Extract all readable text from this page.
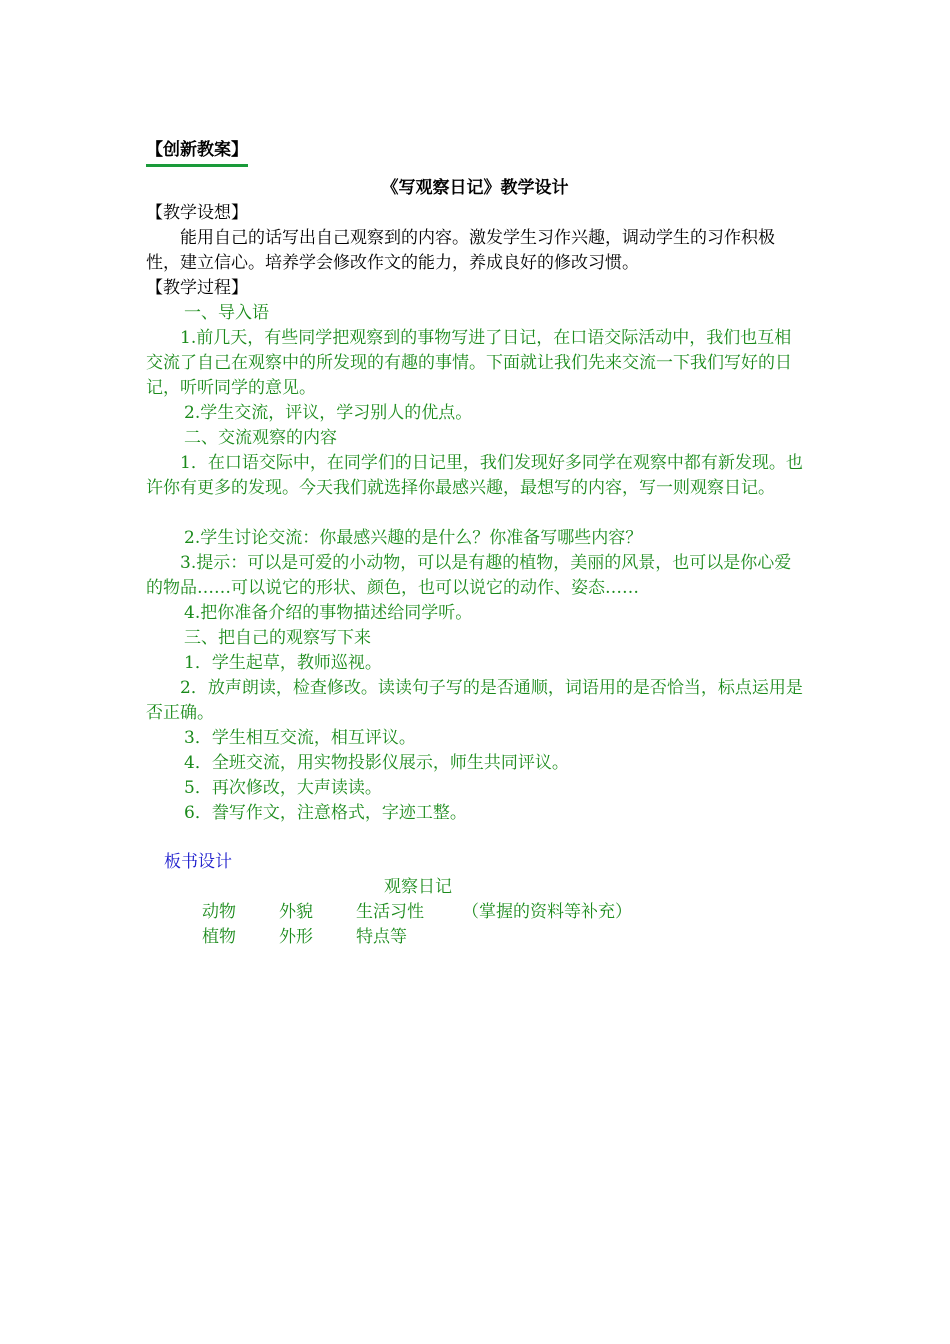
【创新教案】
《写观察日记》教学设计
【教学设想】
能用自己的话写出自己观察到的内容。激发学生习作兴趣，调动学生的习作积极性，建立信心。培养学会修改作文的能力，养成良好的修改习惯。
【教学过程】
一、导入语
1.前几天，有些同学把观察到的事物写进了日记，在口语交际活动中，我们也互相交流了自己在观察中的所发现的有趣的事情。下面就让我们先来交流一下我们写好的日记，听听同学的意见。
2.学生交流，评议，学习别人的优点。
二、交流观察的内容
1．在口语交际中，在同学们的日记里，我们发现好多同学在观察中都有新发现。也许你有更多的发现。今天我们就选择你最感兴趣，最想写的内容，写一则观察日记。
2.学生讨论交流：你最感兴趣的是什么？你准备写哪些内容？
3.提示：可以是可爱的小动物，可以是有趣的植物，美丽的风景，也可以是你心爱的物品……可以说它的形状、颜色，也可以说它的动作、姿态……
4.把你准备介绍的事物描述给同学听。
三、把自己的观察写下来
1．学生起草，教师巡视。
2．放声朗读，检查修改。读读句子写的是否通顺，词语用的是否恰当，标点运用是否正确。
3．学生相互交流，相互评议。
4．全班交流，用实物投影仪展示，师生共同评议。
5．再次修改，大声读读。
6．誊写作文，注意格式，字迹工整。
板书设计
观察日记
动物	外貌	生活习性 （掌握的资料等补充）
植物	外形	特点等
